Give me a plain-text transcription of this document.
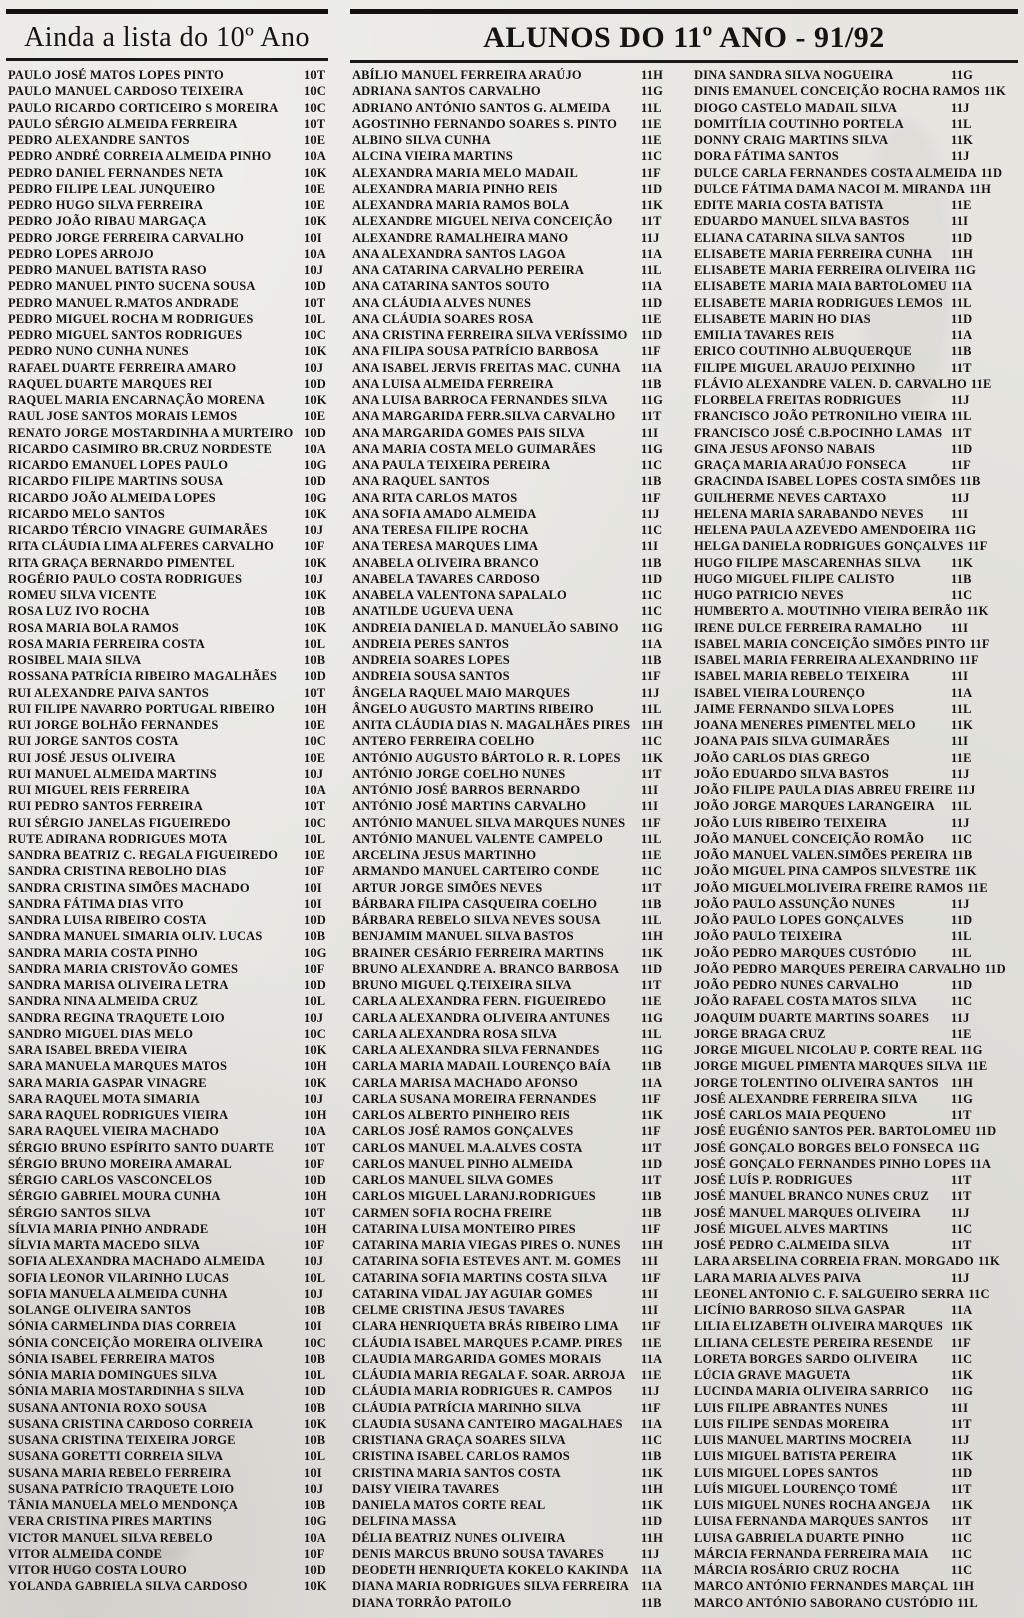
Ainda a lista do 10º Ano	ALUNOS DO 11º ANO - 91/92
PAULO JOSÉ MATOS LOPES PINTO	10T
PAULO MANUEL CARDOSO TEIXEIRA	10C
PAULO RICARDO CORTICEIRO S MOREIRA	10C
PAULO SÉRGIO ALMEIDA FERREIRA	10T
PEDRO ALEXANDRE SANTOS	10E
PEDRO ANDRÉ CORREIA ALMEIDA PINHO	10A
PEDRO DANIEL FERNANDES NETA	10K
PEDRO FILIPE LEAL JUNQUEIRO	10E
PEDRO HUGO SILVA FERREIRA	10E
PEDRO JOÃO RIBAU MARGAÇA	10K
PEDRO JORGE FERREIRA CARVALHO	10I
PEDRO LOPES ARROJO	10A
PEDRO MANUEL BATISTA RASO	10J
PEDRO MANUEL PINTO SUCENA SOUSA	10D
PEDRO MANUEL R.MATOS ANDRADE	10T
PEDRO MIGUEL ROCHA M RODRIGUES	10L
PEDRO MIGUEL SANTOS RODRIGUES	10C
PEDRO NUNO CUNHA NUNES	10K
RAFAEL DUARTE FERREIRA AMARO	10J
RAQUEL DUARTE MARQUES REI	10D
RAQUEL MARIA ENCARNAÇÃO MORENA	10K
RAUL JOSE SANTOS MORAIS LEMOS	10E
RENATO JORGE MOSTARDINHA A MURTEIRO 10D
RICARDO CASIMIRO BR.CRUZ NORDESTE	10A
RICARDO EMANUEL LOPES PAULO	10G
RICARDO FILIPE MARTINS SOUSA	10D
RICARDO JOÃO ALMEIDA LOPES	10G
RICARDO MELO SANTOS	10K
RICARDO TÉRCIO VINAGRE GUIMARÃES	10J
RITA CLÁUDIA LIMA ALFERES CARVALHO	10F
RITA GRAÇA BERNARDO PIMENTEL	10K
ROGÉRIO PAULO COSTA RODRIGUES	10J
ROMEU SILVA VICENTE	10K
ROSA LUZ IVO ROCHA	10B
ROSA MARIA BOLA RAMOS	10K
ROSA MARIA FERREIRA COSTA	10L
ROSIBEL MAIA SILVA	10B
ROSSANA PATRÍCIA RIBEIRO MAGALHÃES	10D
RUI ALEXANDRE PAIVA SANTOS	10T
RUI FILIPE NAVARRO PORTUGAL RIBEIRO	10H
RUI JORGE BOLHÃO FERNANDES	10E
RUI JORGE SANTOS COSTA	10C
RUI JOSÉ JESUS OLIVEIRA	10E
RUI MANUEL ALMEIDA MARTINS	10J
RUI MIGUEL REIS FERREIRA	10A
RUI PEDRO SANTOS FERREIRA	10T
RUI SÉRGIO JANELAS FIGUEIREDO	10C
RUTE ADIRANA RODRIGUES MOTA	10L
SANDRA BEATRIZ C. REGALA FIGUEIREDO	10E
SANDRA CRISTINA REBOLHO DIAS	10F
SANDRA CRISTINA SIMÕES MACHADO	10I
SANDRA FÁTIMA DIAS VITO	10I
SANDRA LUISA RIBEIRO COSTA	10D
SANDRA MANUEL SIMARIA OLIV. LUCAS	10B
SANDRA MARIA COSTA PINHO	10G
SANDRA MARIA CRISTOVÃO GOMES	10F
SANDRA MARISA OLIVEIRA LETRA	10D
SANDRA NINA ALMEIDA CRUZ	10L
SANDRA REGINA TRAQUETE LOIO	10J
SANDRO MIGUEL DIAS MELO	10C
SARA ISABEL BREDA VIEIRA	10K
SARA MANUELA MARQUES MATOS	10H
SARA MARIA GASPAR VINAGRE	10K
SARA RAQUEL MOTA SIMARIA	10J
SARA RAQUEL RODRIGUES VIEIRA	10H
SARA RAQUEL VIEIRA MACHADO	10A
SÉRGIO BRUNO ESPÍRITO SANTO DUARTE	10T
SÉRGIO BRUNO MOREIRA AMARAL	10F
SÉRGIO CARLOS VASCONCELOS	10D
SÉRGIO GABRIEL MOURA CUNHA	10H
SÉRGIO SANTOS SILVA	10T
SÍLVIA MARIA PINHO ANDRADE	10H
SÍLVIA MARTA MACEDO SILVA	10F
SOFIA ALEXANDRA MACHADO ALMEIDA	10J
SOFIA LEONOR VILARINHO LUCAS	10L
SOFIA MANUELA ALMEIDA CUNHA	10J
SOLANGE OLIVEIRA SANTOS	10B
SÓNIA CARMELINDA DIAS CORREIA	10I
SÓNIA CONCEIÇÃO MOREIRA OLIVEIRA	10C
SÓNIA ISABEL FERREIRA MATOS	10B
SÓNIA MARIA DOMINGUES SILVA	10L
SÓNIA MARIA MOSTARDINHA S SILVA	10D
SUSANA ANTONIA ROXO SOUSA	10B
SUSANA CRISTINA CARDOSO CORREIA	10K
SUSANA CRISTINA TEIXEIRA JORGE	10B
SUSANA GORETTI CORREIA SILVA	10L
SUSANA MARIA REBELO FERREIRA	10I
SUSANA PATRÍCIO TRAQUETE LOIO	10J
TÂNIA MANUELA MELO MENDONÇA	10B
VERA CRISTINA PIRES MARTINS	10G
VICTOR MANUEL SILVA REBELO	10A
VITOR ALMEIDA CONDE	10F
VITOR HUGO COSTA LOURO	10D
YOLANDA GABRIELA SILVA CARDOSO	10K
ABÍLIO MANUEL FERREIRA ARAÚJO	11H
ADRIANA SANTOS CARVALHO	11G
ADRIANO ANTÓNIO SANTOS G. ALMEIDA	11L
AGOSTINHO FERNANDO SOARES S. PINTO	11E
ALBINO SILVA CUNHA	11E
ALCINA VIEIRA MARTINS	11C
ALEXANDRA MARIA MELO MADAIL	11F
ALEXANDRA MARIA PINHO REIS	11D
ALEXANDRA MARIA RAMOS BOLA	11K
ALEXANDRE MIGUEL NEIVA CONCEIÇÃO	11T
ALEXANDRE RAMALHEIRA MANO	11J
ANA ALEXANDRA SANTOS LAGOA	11A
ANA CATARINA CARVALHO PEREIRA	11L
ANA CATARINA SANTOS SOUTO	11A
ANA CLÁUDIA ALVES NUNES	11D
ANA CLÁUDIA SOARES ROSA	11E
ANA CRISTINA FERREIRA SILVA VERÍSSIMO	11D
ANA FILIPA SOUSA PATRÍCIO BARBOSA	11F
ANA ISABEL JERVIS FREITAS MAC. CUNHA	11A
ANA LUISA ALMEIDA FERREIRA	11B
ANA LUISA BARROCA FERNANDES SILVA	11G
ANA MARGARIDA FERR.SILVA CARVALHO	11T
ANA MARGARIDA GOMES PAIS SILVA	11I
ANA MARIA COSTA MELO GUIMARÃES	11G
ANA PAULA TEIXEIRA PEREIRA	11C
ANA RAQUEL SANTOS	11B
ANA RITA CARLOS MATOS	11F
ANA SOFIA AMADO ALMEIDA	11J
ANA TERESA FILIPE ROCHA	11C
ANA TERESA MARQUES LIMA	11I
ANABELA OLIVEIRA BRANCO	11B
ANABELA TAVARES CARDOSO	11D
ANABELA VALENTONA SAPALALO	11C
ANATILDE UGUEVA UENA	11C
ANDREIA DANIELA D. MANUELÃO SABINO	11G
ANDREIA PERES SANTOS	11A
ANDREIA SOARES LOPES	11B
ANDREIA SOUSA SANTOS	11F
ÂNGELA RAQUEL MAIO MARQUES	11J
ÂNGELO AUGUSTO MARTINS RIBEIRO	11L
ANITA CLÁUDIA DIAS N. MAGALHÃES PIRES 11H
ANTERO FERREIRA COELHO	11C
ANTÓNIO AUGUSTO BÁRTOLO R. R. LOPES	11K
ANTÓNIO JORGE COELHO NUNES	11T
ANTÓNIO JOSÉ BARROS BERNARDO	11I
ANTÓNIO JOSÉ MARTINS CARVALHO	11I
ANTÓNIO MANUEL SILVA MARQUES NUNES	11F
ANTÓNIO MANUEL VALENTE CAMPELO	11L
ARCELINA JESUS MARTINHO	11E
ARMANDO MANUEL CARTEIRO CONDE	11C
ARTUR JORGE SIMÕES NEVES	11T
BÁRBARA FILIPA CASQUEIRA COELHO	11B
BÁRBARA REBELO SILVA NEVES SOUSA	11L
BENJAMIM MANUEL SILVA BASTOS	11H
BRAINER CESÁRIO FERREIRA MARTINS	11K
BRUNO ALEXANDRE A. BRANCO BARBOSA	11D
BRUNO MIGUEL Q.TEIXEIRA SILVA	11T
CARLA ALEXANDRA FERN. FIGUEIREDO	11E
CARLA ALEXANDRA OLIVEIRA ANTUNES	11G
CARLA ALEXANDRA ROSA SILVA	11L
CARLA ALEXANDRA SILVA FERNANDES	11G
CARLA MARIA MADAIL LOURENÇO BAÍA	11B
CARLA MARISA MACHADO AFONSO	11A
CARLA SUSANA MOREIRA FERNANDES	11F
CARLOS ALBERTO PINHEIRO REIS	11K
CARLOS JOSÉ RAMOS GONÇALVES	11F
CARLOS MANUEL M.A.ALVES COSTA	11T
CARLOS MANUEL PINHO ALMEIDA	11D
CARLOS MANUEL SILVA GOMES	11T
CARLOS MIGUEL LARANJ.RODRIGUES	11B
CARMEN SOFIA ROCHA FREIRE	11B
CATARINA LUISA MONTEIRO PIRES	11F
CATARINA MARIA VIEGAS PIRES O. NUNES	11H
CATARINA SOFIA ESTEVES ANT. M. GOMES	11I
CATARINA SOFIA MARTINS COSTA SILVA	11F
CATARINA VIDAL JAY AGUIAR GOMES	11I
CELME CRISTINA JESUS TAVARES	11I
CLARA HENRIQUETA BRÁS RIBEIRO LIMA	11F
CLÁUDIA ISABEL MARQUES P.CAMP. PIRES	11E
CLAUDIA MARGARIDA GOMES MORAIS	11A
CLÁUDIA MARIA REGALA F. SOAR. ARROJA	11E
CLÁUDIA MARIA RODRIGUES R. CAMPOS	11J
CLÁUDIA PATRÍCIA MARINHO SILVA	11F
CLAUDIA SUSANA CANTEIRO MAGALHAES	11A
CRISTIANA GRAÇA SOARES SILVA	11C
CRISTINA ISABEL CARLOS RAMOS	11B
CRISTINA MARIA SANTOS COSTA	11K
DAISY VIEIRA TAVARES	11H
DANIELA MATOS CORTE REAL	11K
DELFINA MASSA	11D
DÉLIA BEATRIZ NUNES OLIVEIRA	11H
DENIS MARCUS BRUNO SOUSA TAVARES	11J
DEODETH HENRIQUETA KOKELO KAKINDA 11A
DIANA MARIA RODRIGUES SILVA FERREIRA 11A
DIANA TORRÃO PATOILO	11B
DINA SANDRA SILVA NOGUEIRA	11G
DINIS EMANUEL CONCEIÇÃO ROCHA RAMOS 11K
DIOGO CASTELO MADAIL SILVA	11J
DOMITÍLIA COUTINHO PORTELA	11L
DONNY CRAIG MARTINS SILVA	11K
DORA FÁTIMA SANTOS	11J
DULCE CARLA FERNANDES COSTA ALMEIDA 11D
DULCE FÁTIMA DAMA NACOI M. MIRANDA 11H
EDITE MARIA COSTA BATISTA	11E
EDUARDO MANUEL SILVA BASTOS	11I
ELIANA CATARINA SILVA SANTOS	11D
ELISABETE MARIA FERREIRA CUNHA	11H
ELISABETE MARIA FERREIRA OLIVEIRA 11G
ELISABETE MARIA MAIA BARTOLOMEU 11A
ELISABETE MARIA RODRIGUES LEMOS 11L
ELISABETE MARIN HO DIAS	11D
EMILIA TAVARES REIS	11A
ERICO COUTINHO ALBUQUERQUE	11B
FILIPE MIGUEL ARAUJO PEIXINHO	11T
FLÁVIO ALEXANDRE VALEN. D. CARVALHO 11E
FLORBELA FREITAS RODRIGUES	11J
FRANCISCO JOÃO PETRONILHO VIEIRA 11L
FRANCISCO JOSÉ C.B.POCINHO LAMAS 11T
GINA JESUS AFONSO NABAIS	11D
GRAÇA MARIA ARAÚJO FONSECA	11F
GRACINDA ISABEL LOPES COSTA SIMÕES 11B
GUILHERME NEVES CARTAXO	11J
HELENA MARIA SARABANDO NEVES	11I
HELENA PAULA AZEVEDO AMENDOEIRA 11G
HELGA DANIELA RODRIGUES GONÇALVES 11F
HUGO FILIPE MASCARENHAS SILVA	11K
HUGO MIGUEL FILIPE CALISTO	11B
HUGO PATRICIO NEVES	11C
HUMBERTO A. MOUTINHO VIEIRA BEIRÃO 11K
IRENE DULCE FERREIRA RAMALHO	11I
ISABEL MARIA CONCEIÇÃO SIMÕES PINTO 11F
ISABEL MARIA FERREIRA ALEXANDRINO 11F
ISABEL MARIA REBELO TEIXEIRA	11I
ISABEL VIEIRA LOURENÇO	11A
JAIME FERNANDO SILVA LOPES	11L
JOANA MENERES PIMENTEL MELO	11K
JOANA PAIS SILVA GUIMARÃES	11I
JOÃO CARLOS DIAS GREGO	11E
JOÃO EDUARDO SILVA BASTOS	11J
JOÃO FILIPE PAULA DIAS ABREU FREIRE 11J
JOÃO JORGE MARQUES LARANGEIRA	11L
JOÃO LUIS RIBEIRO TEIXEIRA	11J
JOÃO MANUEL CONCEIÇÃO ROMÃO	11C
JOÃO MANUEL VALEN.SIMÕES PEREIRA 11B
JOÃO MIGUEL PINA CAMPOS SILVESTRE 11K
JOÃO MIGUELMOLIVEIRA FREIRE RAMOS 11E
JOÃO PAULO ASSUNÇÃO NUNES	11J
JOÃO PAULO LOPES GONÇALVES	11D
JOÃO PAULO TEIXEIRA	11L
JOÃO PEDRO MARQUES CUSTÓDIO	11L
JOÃO PEDRO MARQUES PEREIRA CARVALHO 11D
JOÃO PEDRO NUNES CARVALHO	11D
JOÃO RAFAEL COSTA MATOS SILVA	11C
JOAQUIM DUARTE MARTINS SOARES	11J
JORGE BRAGA CRUZ	11E
JORGE MIGUEL NICOLAU P. CORTE REAL 11G
JORGE MIGUEL PIMENTA MARQUES SILVA 11E
JORGE TOLENTINO OLIVEIRA SANTOS 11H
JOSÉ ALEXANDRE FERREIRA SILVA	11G
JOSÉ CARLOS MAIA PEQUENO	11T
JOSÉ EUGÉNIO SANTOS PER. BARTOLOMEU 11D
JOSÉ GONÇALO BORGES BELO FONSECA 11G
JOSÉ GONÇALO FERNANDES PINHO LOPES 11A
JOSÉ LUÍS P. RODRIGUES	11T
JOSÉ MANUEL BRANCO NUNES CRUZ	11T
JOSÉ MANUEL MARQUES OLIVEIRA	11J
JOSÉ MIGUEL ALVES MARTINS	11C
JOSÉ PEDRO C.ALMEIDA SILVA	11T
LARA ARSELINA CORREIA FRAN. MORGADO 11K
LARA MARIA ALVES PAIVA	11J
LEONEL ANTONIO C. F. SALGUEIRO SERRA 11C
LICÍNIO BARROSO SILVA GASPAR	11A
LILIA ELIZABETH OLIVEIRA MARQUES 11K
LILIANA CELESTE PEREIRA RESENDE	11F
LORETA BORGES SARDO OLIVEIRA	11C
LÚCIA GRAVE MAGUETA	11K
LUCINDA MARIA OLIVEIRA SARRICO	11G
LUIS FILIPE ABRANTES NUNES	11I
LUIS FILIPE SENDAS MOREIRA	11T
LUIS MANUEL MARTINS MOCREIA	11J
LUIS MIGUEL BATISTA PEREIRA	11K
LUIS MIGUEL LOPES SANTOS	11D
LUÍS MIGUEL LOURENÇO TOMÉ	11T
LUIS MIGUEL NUNES ROCHA ANGEJA	11K
LUISA FERNANDA MARQUES SANTOS	11T
LUISA GABRIELA DUARTE PINHO	11C
MÁRCIA FERNANDA FERREIRA MAIA	11C
MÁRCIA ROSÁRIO CRUZ ROCHA	11C
MARCO ANTÓNIO FERNANDES MARÇAL 11H
MARCO ANTÓNIO SABORANO CUSTÓDIO 11L
